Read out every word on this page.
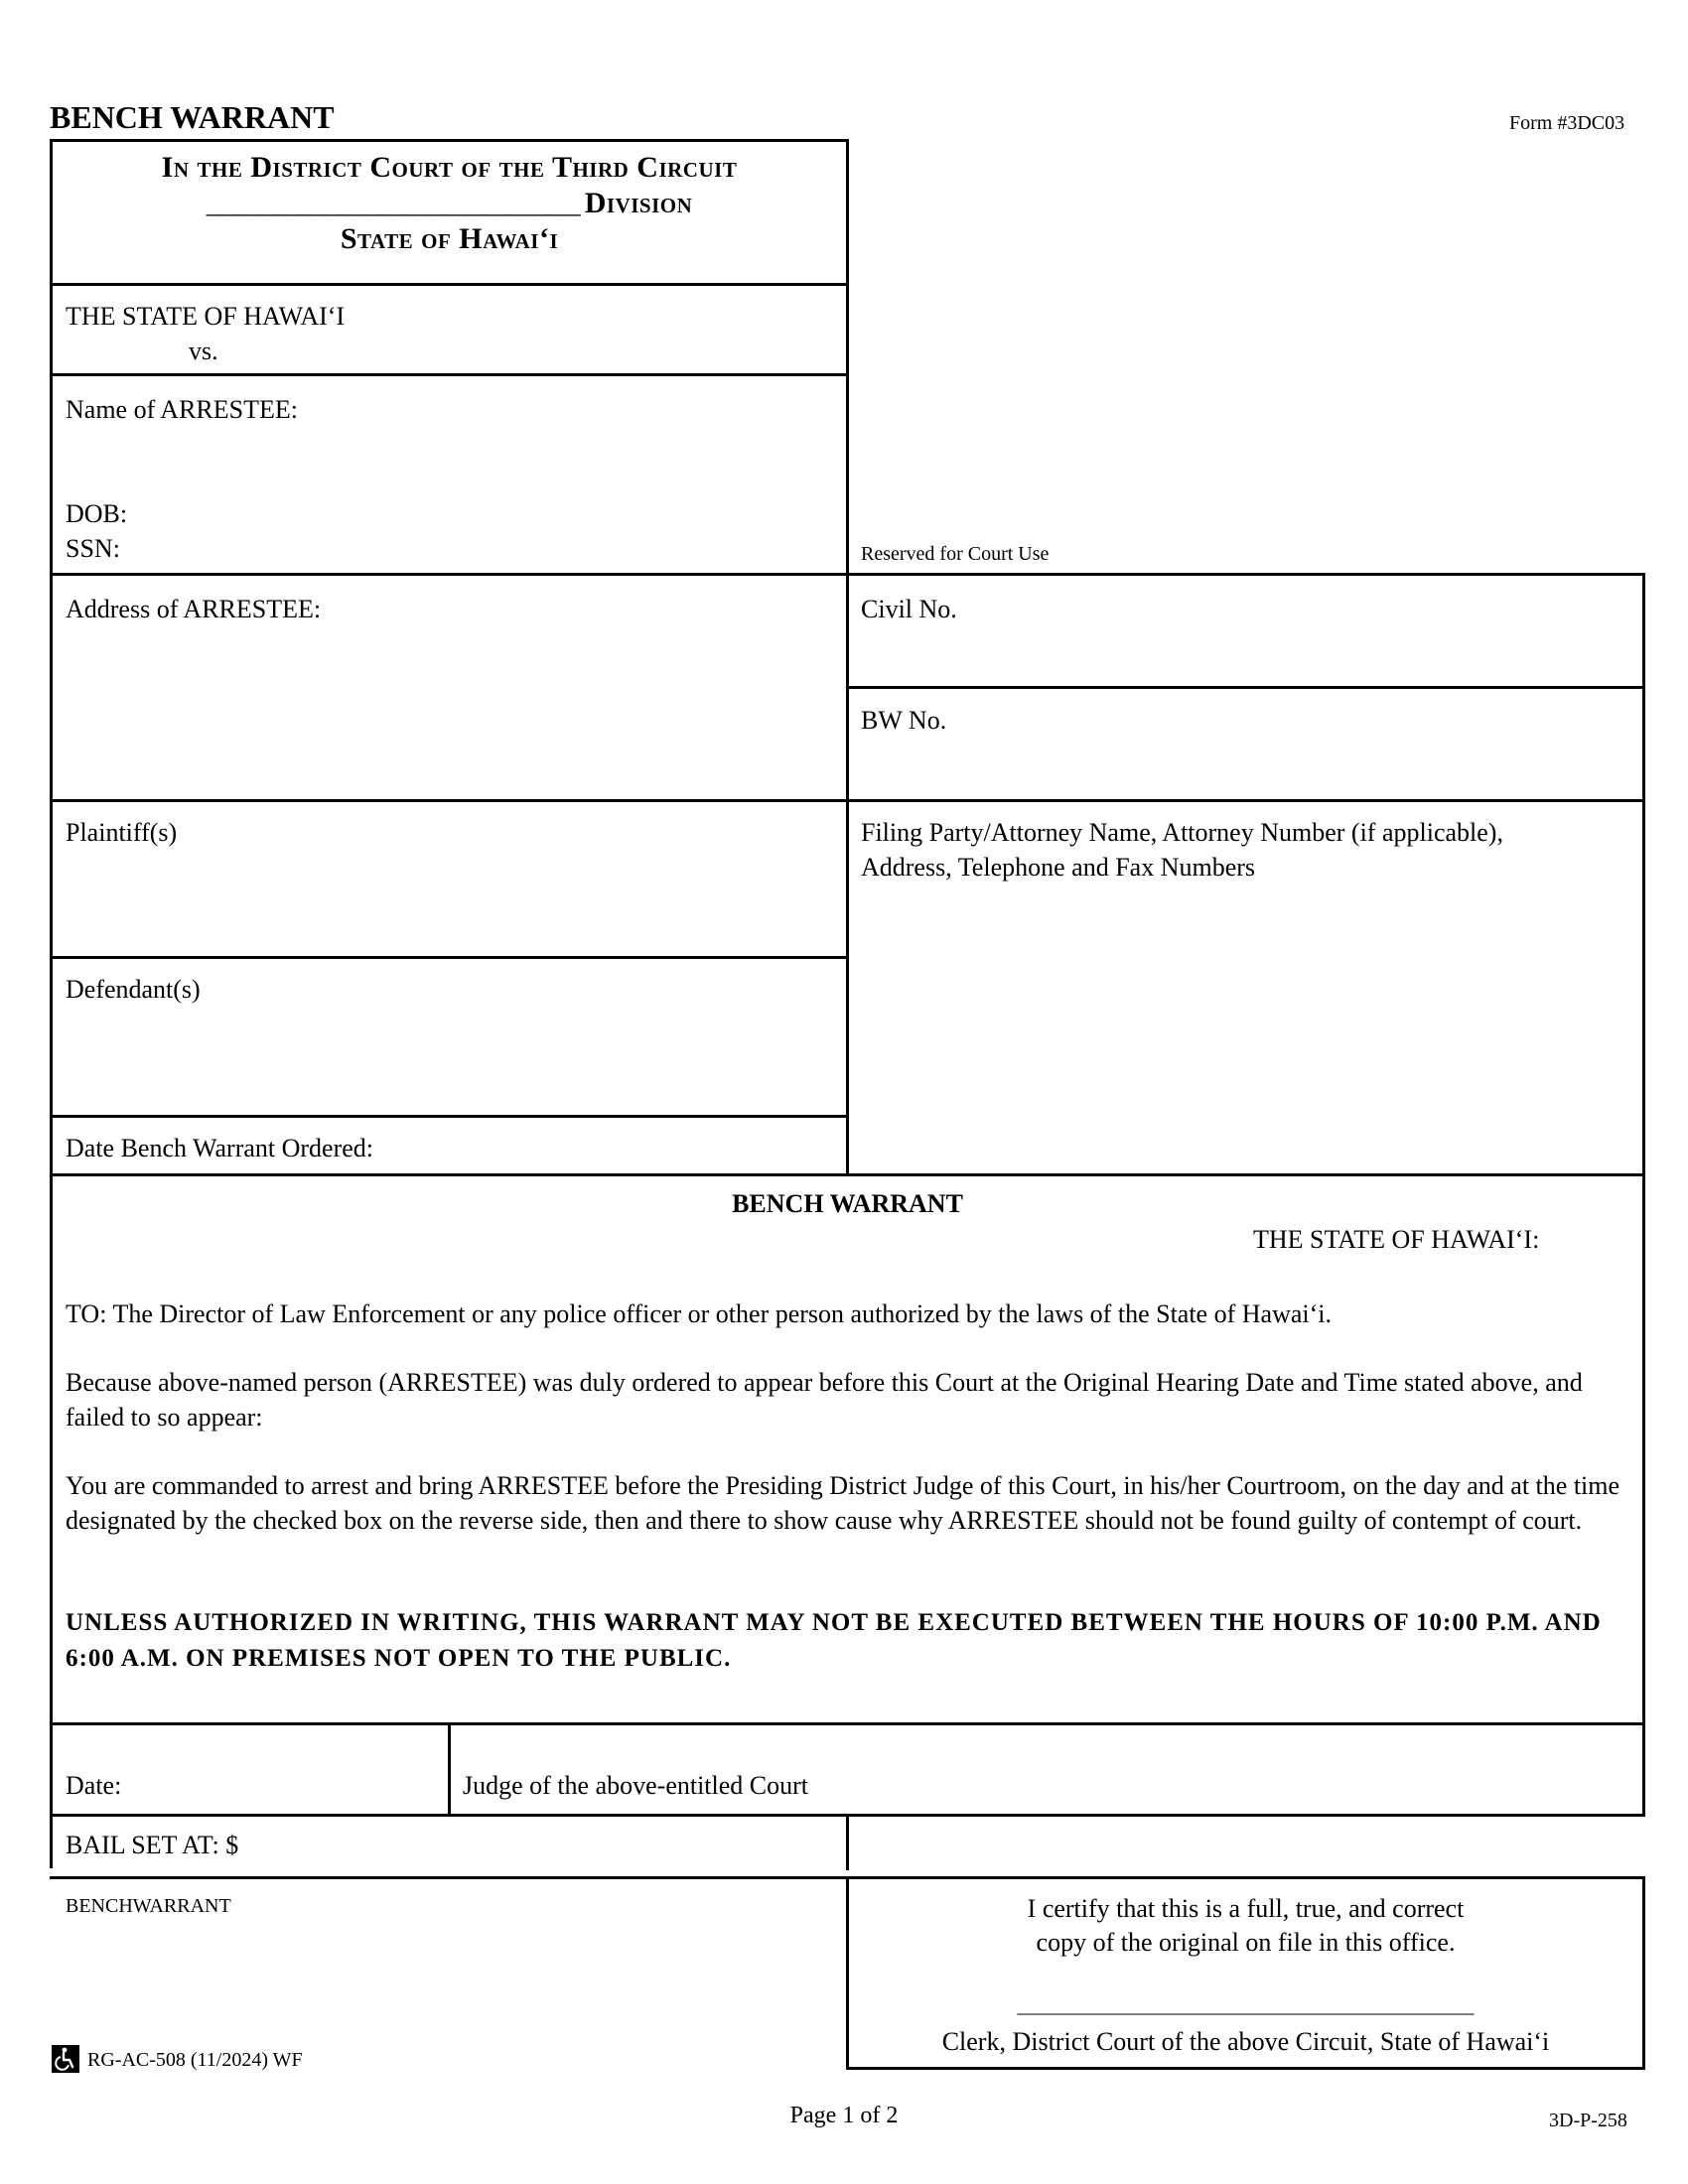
BENCH WARRANT	Form #3DC03
In the District Court of the Third Circuit
_____________________________ Division
State of Hawai‘i
THE STATE OF HAWAI‘I
vs.
Name of ARRESTEE:
DOB:
SSN:
Address of ARRESTEE:
Plaintiff(s)
Defendant(s)
Date Bench Warrant Ordered:
Reserved for Court Use
Civil No.
BW No.
Filing Party/Attorney Name, Attorney Number (if applicable),
Address, Telephone and Fax Numbers
BENCH WARRANT
THE STATE OF HAWAI‘I:
TO: The Director of Law Enforcement or any police officer or other person authorized by the laws of the State of Hawai‘i.
Because above-named person (ARRESTEE) was duly ordered to appear before this Court at the Original Hearing Date and Time stated above, and failed to so appear:
You are commanded to arrest and bring ARRESTEE before the Presiding District Judge of this Court, in his/her Courtroom, on the day and at the time designated by the checked box on the reverse side, then and there to show cause why ARRESTEE should not be found guilty of contempt of court.
UNLESS AUTHORIZED IN WRITING, THIS WARRANT MAY NOT BE EXECUTED BETWEEN THE HOURS OF 10:00 P.M. AND 6:00 A.M. ON PREMISES NOT OPEN TO THE PUBLIC.
Date:	Judge of the above-entitled Court
BAIL SET AT: $
BENCHWARRANT	I certify that this is a full, true, and correct
copy of the original on file in this office.
______________________________________________
Clerk, District Court of the above Circuit, State of Hawai‘i
RG-AC-508 (11/2024) WF
Page 1 of 2	3D-P-258
